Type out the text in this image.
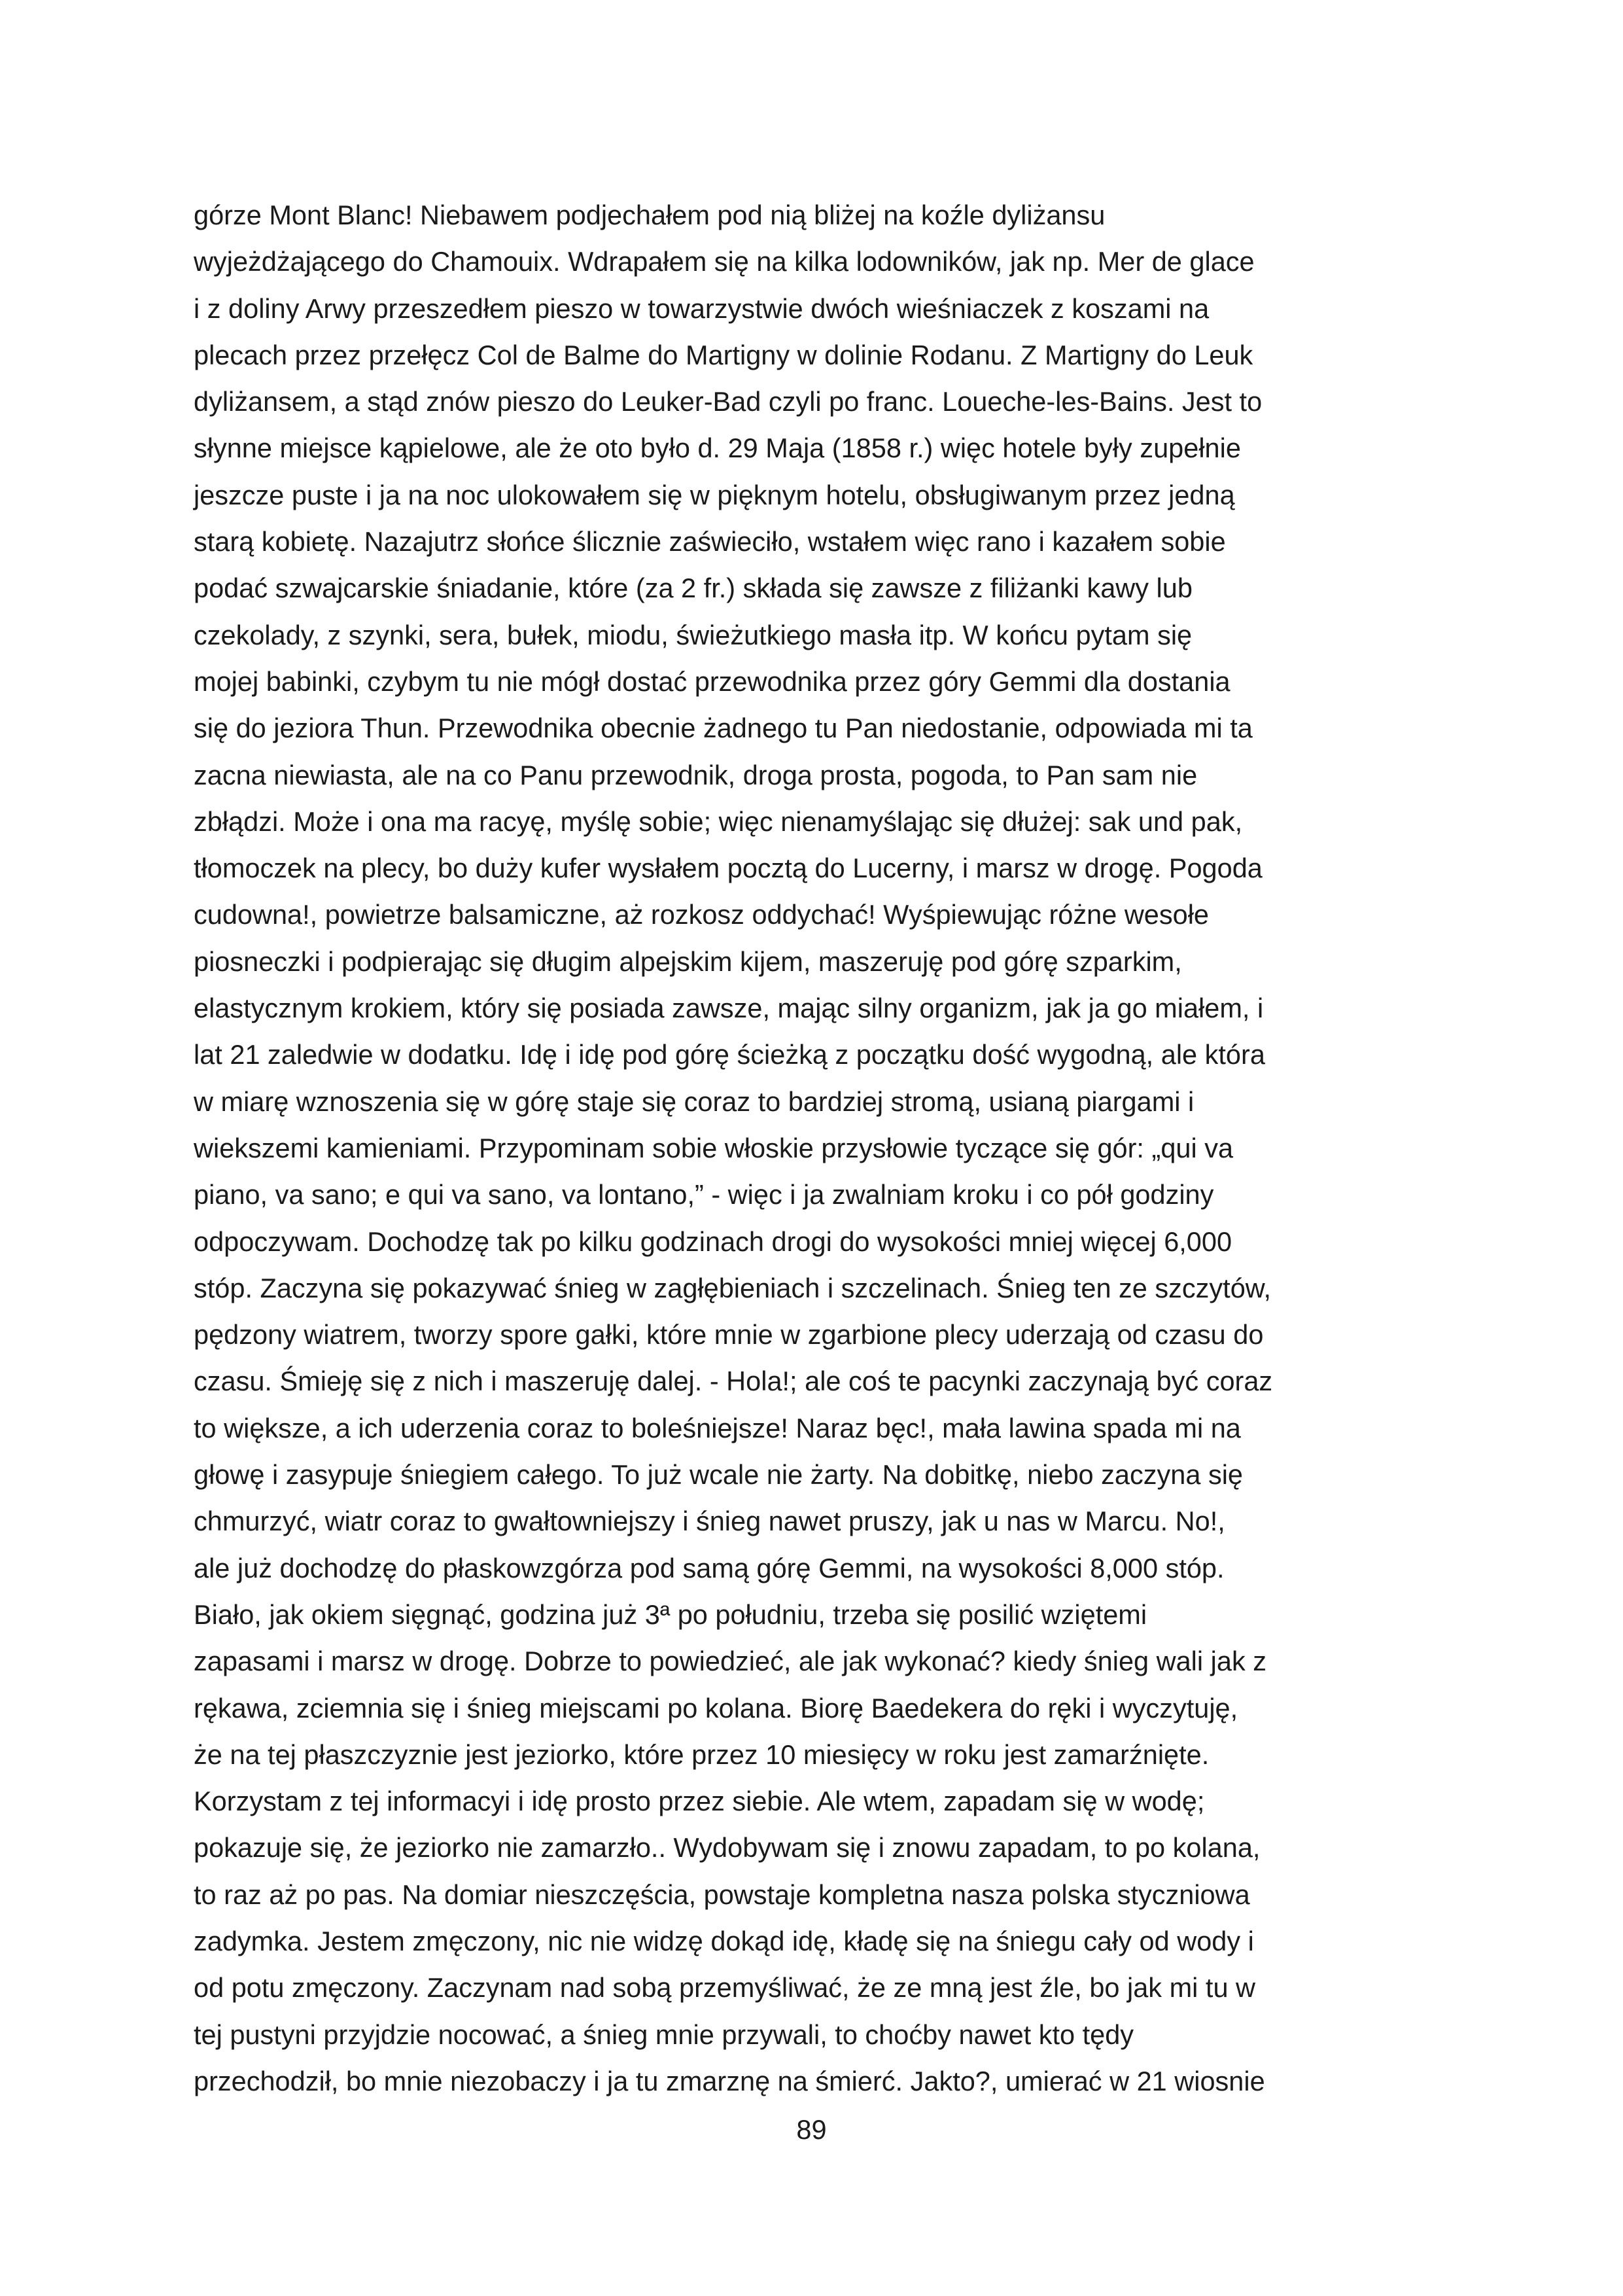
górze Mont Blanc! Niebawem podjechałem pod nią bliżej na koźle dyliżansu
wyjeżdżającego do Chamouix. Wdrapałem się na kilka lodowników, jak np. Mer de glace
i z doliny Arwy przeszedłem pieszo w towarzystwie dwóch wieśniaczek z koszami na
plecach przez przełęcz Col de Balme do Martigny w dolinie Rodanu. Z Martigny do Leuk
dyliżansem, a stąd znów pieszo do Leuker-Bad czyli po franc. Loueche-les-Bains. Jest to
słynne miejsce kąpielowe, ale że oto było d. 29 Maja (1858 r.) więc hotele były zupełnie
jeszcze puste i ja na noc ulokowałem się w pięknym hotelu, obsługiwanym przez jedną
starą kobietę. Nazajutrz słońce ślicznie zaświeciło, wstałem więc rano i kazałem sobie
podać szwajcarskie śniadanie, które (za 2 fr.) składa się zawsze z filiżanki kawy lub
czekolady, z szynki, sera, bułek, miodu, świeżutkiego masła itp. W końcu pytam się
mojej babinki, czybym tu nie mógł dostać przewodnika przez góry Gemmi dla dostania
się do jeziora Thun. Przewodnika obecnie żadnego tu Pan niedostanie, odpowiada mi ta
zacna niewiasta, ale na co Panu przewodnik, droga prosta, pogoda, to Pan sam nie
zbłądzi. Może i ona ma racyę, myślę sobie; więc nienamyślając się dłużej: sak und pak,
tłomoczek na plecy, bo duży kufer wysłałem pocztą do Lucerny, i marsz w drogę. Pogoda
cudowna!, powietrze balsamiczne, aż rozkosz oddychać! Wyśpiewując różne wesołe
piosneczki i podpierając się długim alpejskim kijem, maszeruję pod górę szparkim,
elastycznym krokiem, który się posiada zawsze, mając silny organizm, jak ja go miałem, i
lat 21 zaledwie w dodatku. Idę i idę pod górę ścieżką z początku dość wygodną, ale która
w miarę wznoszenia się w górę staje się coraz to bardziej stromą, usianą piargami i
wiekszemi kamieniami. Przypominam sobie włoskie przysłowie tyczące się gór: „qui va
piano, va sano; e qui va sano, va lontano,” - więc i ja zwalniam kroku i co pół godziny
odpoczywam. Dochodzę tak po kilku godzinach drogi do wysokości mniej więcej 6,000
stóp. Zaczyna się pokazywać śnieg w zagłębieniach i szczelinach. Śnieg ten ze szczytów,
pędzony wiatrem, tworzy spore gałki, które mnie w zgarbione plecy uderzają od czasu do
czasu. Śmieję się z nich i maszeruję dalej. - Hola!; ale coś te pacynki zaczynają być coraz
to większe, a ich uderzenia coraz to boleśniejsze! Naraz bęc!, mała lawina spada mi na
głowę i zasypuje śniegiem całego. To już wcale nie żarty. Na dobitkę, niebo zaczyna się
chmurzyć, wiatr coraz to gwałtowniejszy i śnieg nawet pruszy, jak u nas w Marcu. No!,
ale już dochodzę do płaskowzgórza pod samą górę Gemmi, na wysokości 8,000 stóp.
Biało, jak okiem sięgnąć, godzina już 3ª po południu, trzeba się posilić wziętemi
zapasami i marsz w drogę. Dobrze to powiedzieć, ale jak wykonać? kiedy śnieg wali jak z
rękawa, zciemnia się i śnieg miejscami po kolana. Biorę Baedekera do ręki i wyczytuję,
że na tej płaszczyznie jest jeziorko, które przez 10 miesięcy w roku jest zamarźnięte.
Korzystam z tej informacyi i idę prosto przez siebie. Ale wtem, zapadam się w wodę;
pokazuje się, że jeziorko nie zamarzło.. Wydobywam się i znowu zapadam, to po kolana,
to raz aż po pas. Na domiar nieszczęścia, powstaje kompletna nasza polska styczniowa
zadymka. Jestem zmęczony, nic nie widzę dokąd idę, kładę się na śniegu cały od wody i
od potu zmęczony. Zaczynam nad sobą przemyśliwać, że ze mną jest źle, bo jak mi tu w
tej pustyni przyjdzie nocować, a śnieg mnie przywali, to choćby nawet kto tędy
przechodził, bo mnie niezobaczy i ja tu zmarznę na śmierć. Jakto?, umierać w 21 wiosnie
89
